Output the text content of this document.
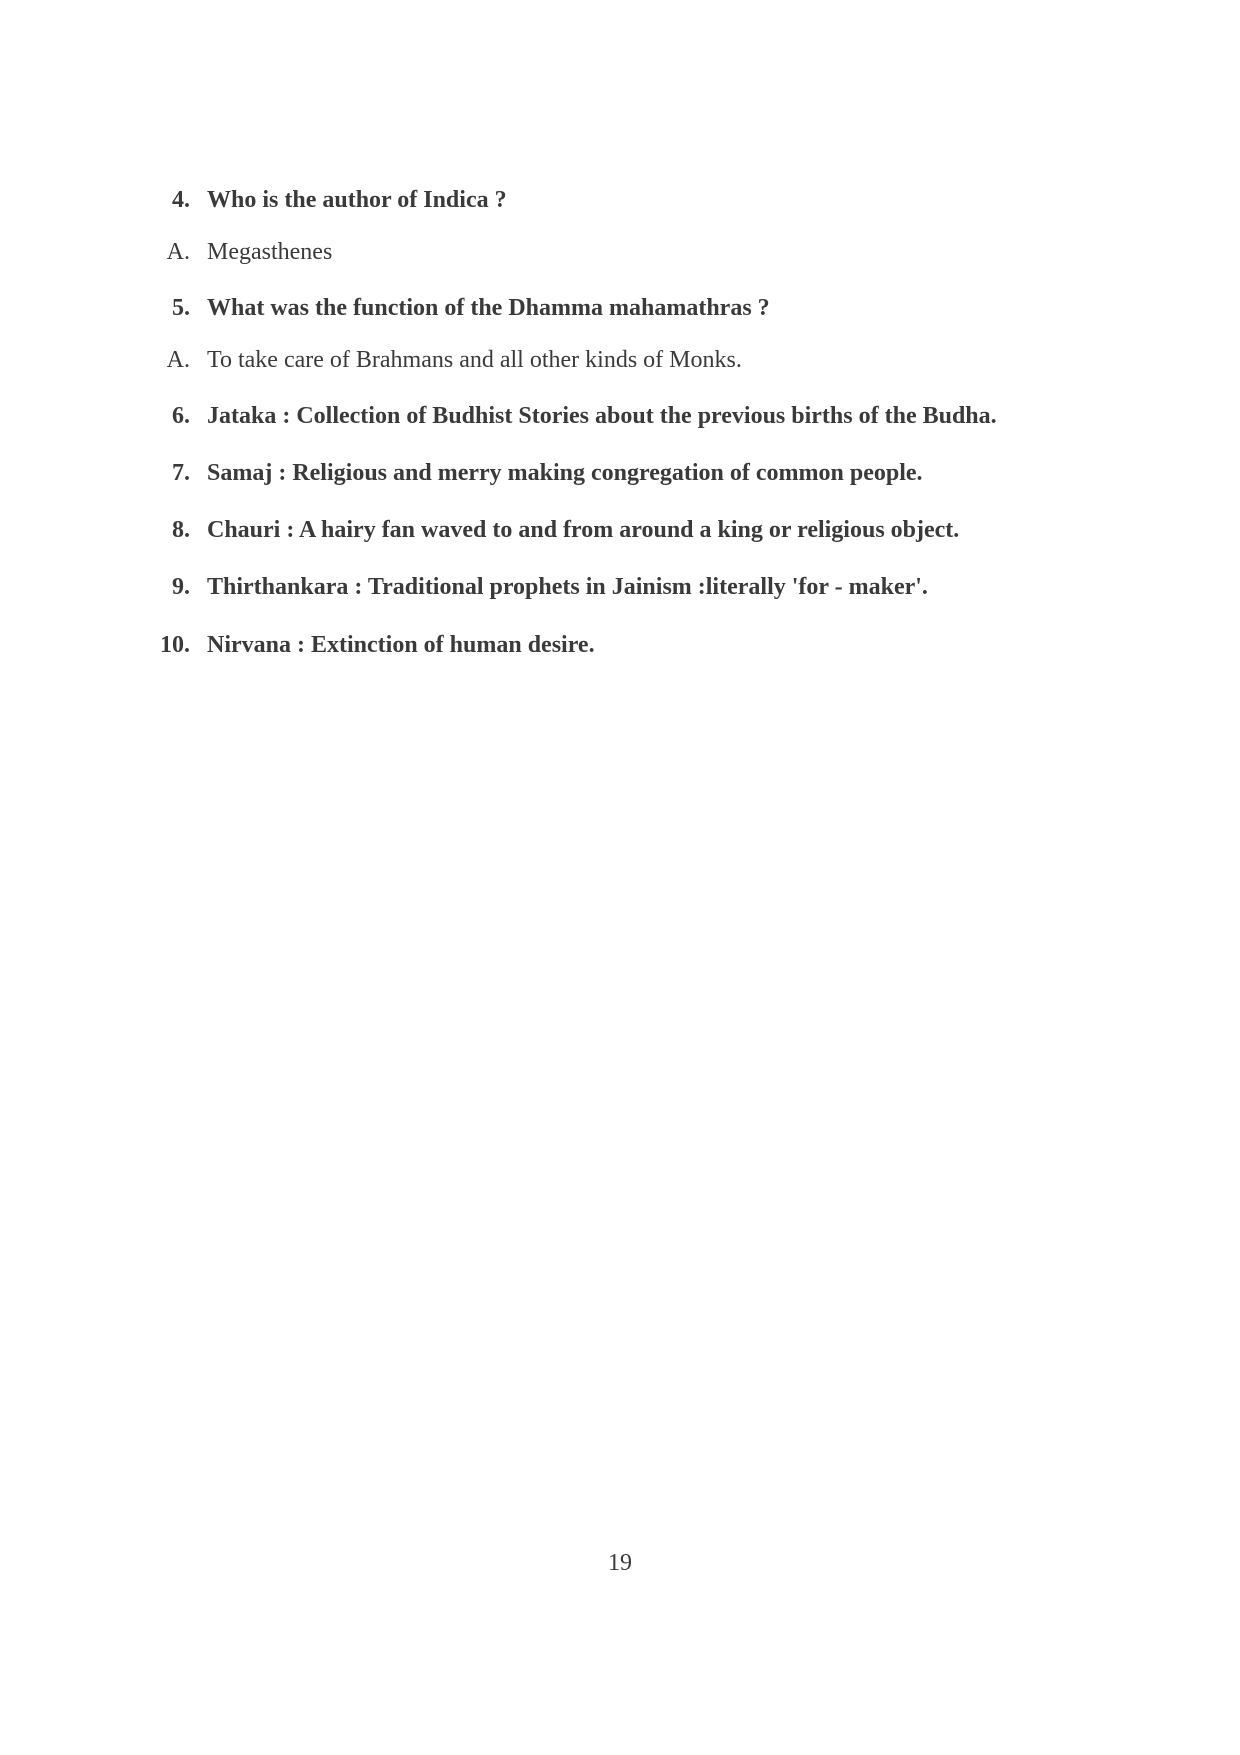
4. Who is the author of Indica ?
A. Megasthenes
5. What was the function of the Dhamma mahamathras ?
A. To take care of Brahmans and all other kinds of Monks.
6. Jataka : Collection of Budhist Stories about the previous births of the Budha.
7. Samaj : Religious and merry making congregation of common people.
8. Chauri : A hairy fan waved to and from around a king or religious object.
9. Thirthankara : Traditional prophets in Jainism :literally 'for - maker'.
10. Nirvana : Extinction of human desire.
19
